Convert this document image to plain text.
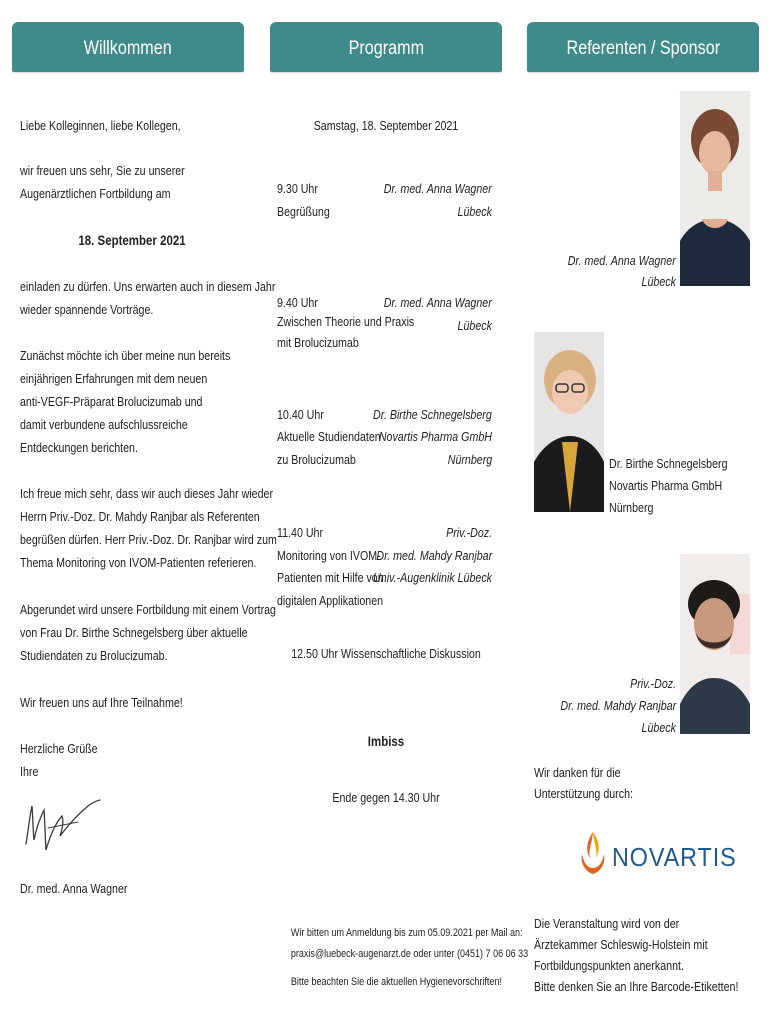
Willkommen	Programm	Referenten / Sponsor
Liebe Kolleginnen, liebe Kollegen,
wir freuen uns sehr, Sie zu unserer
Augenärztlichen Fortbildung am
18. September 2021
einladen zu dürfen. Uns erwarten auch in diesem Jahr
wieder spannende Vorträge.
Zunächst möchte ich über meine nun bereits
einjährigen Erfahrungen mit dem neuen
anti-VEGF-Präparat Brolucizumab und
damit verbundene aufschlussreiche
Entdeckungen berichten.
Ich freue mich sehr, dass wir auch dieses Jahr wieder
Herrn Priv.-Doz. Dr. Mahdy Ranjbar als Referenten
begrüßen dürfen. Herr Priv.-Doz. Dr. Ranjbar wird zum
Thema Monitoring von IVOM-Patienten referieren.
Abgerundet wird unsere Fortbildung mit einem Vortrag
von Frau Dr. Birthe Schnegelsberg über aktuelle
Studiendaten zu Brolucizumab.
Wir freuen uns auf Ihre Teilnahme!
Herzliche Grüße
Ihre
Dr. med. Anna Wagner
Samstag, 18. September 2021
9.30 Uhr
Begrüßung
Dr. med. Anna Wagner
Lübeck
9.40 Uhr
Zwischen Theorie und Praxis
mit Brolucizumab
Dr. med. Anna Wagner
Lübeck
10.40 Uhr
Aktuelle Studiendaten
zu Brolucizumab
Dr. Birthe Schnegelsberg
Novartis Pharma GmbH
Nürnberg
11.40 Uhr
Monitoring von IVOM-
Patienten mit Hilfe von
digitalen Applikationen
Priv.-Doz.
Dr. med. Mahdy Ranjbar
Univ.-Augenklinik Lübeck
12.50 Uhr Wissenschaftliche Diskussion
Imbiss
Ende gegen 14.30 Uhr
Wir bitten um Anmeldung bis zum 05.09.2021 per Mail an:
praxis@luebeck-augenarzt.de oder unter (0451) 7 06 06 33
Bitte beachten Sie die aktuellen Hygienevorschriften!
Dr. med. Anna Wagner
Lübeck
Dr. Birthe Schnegelsberg
Novartis Pharma GmbH
Nürnberg
Priv.-Doz.
Dr. med. Mahdy Ranjbar
Lübeck
Wir danken für die
Unterstützung durch:
NOVARTIS
Die Veranstaltung wird von der
Ärztekammer Schleswig-Holstein mit
Fortbildungspunkten anerkannt.
Bitte denken Sie an Ihre Barcode-Etiketten!
